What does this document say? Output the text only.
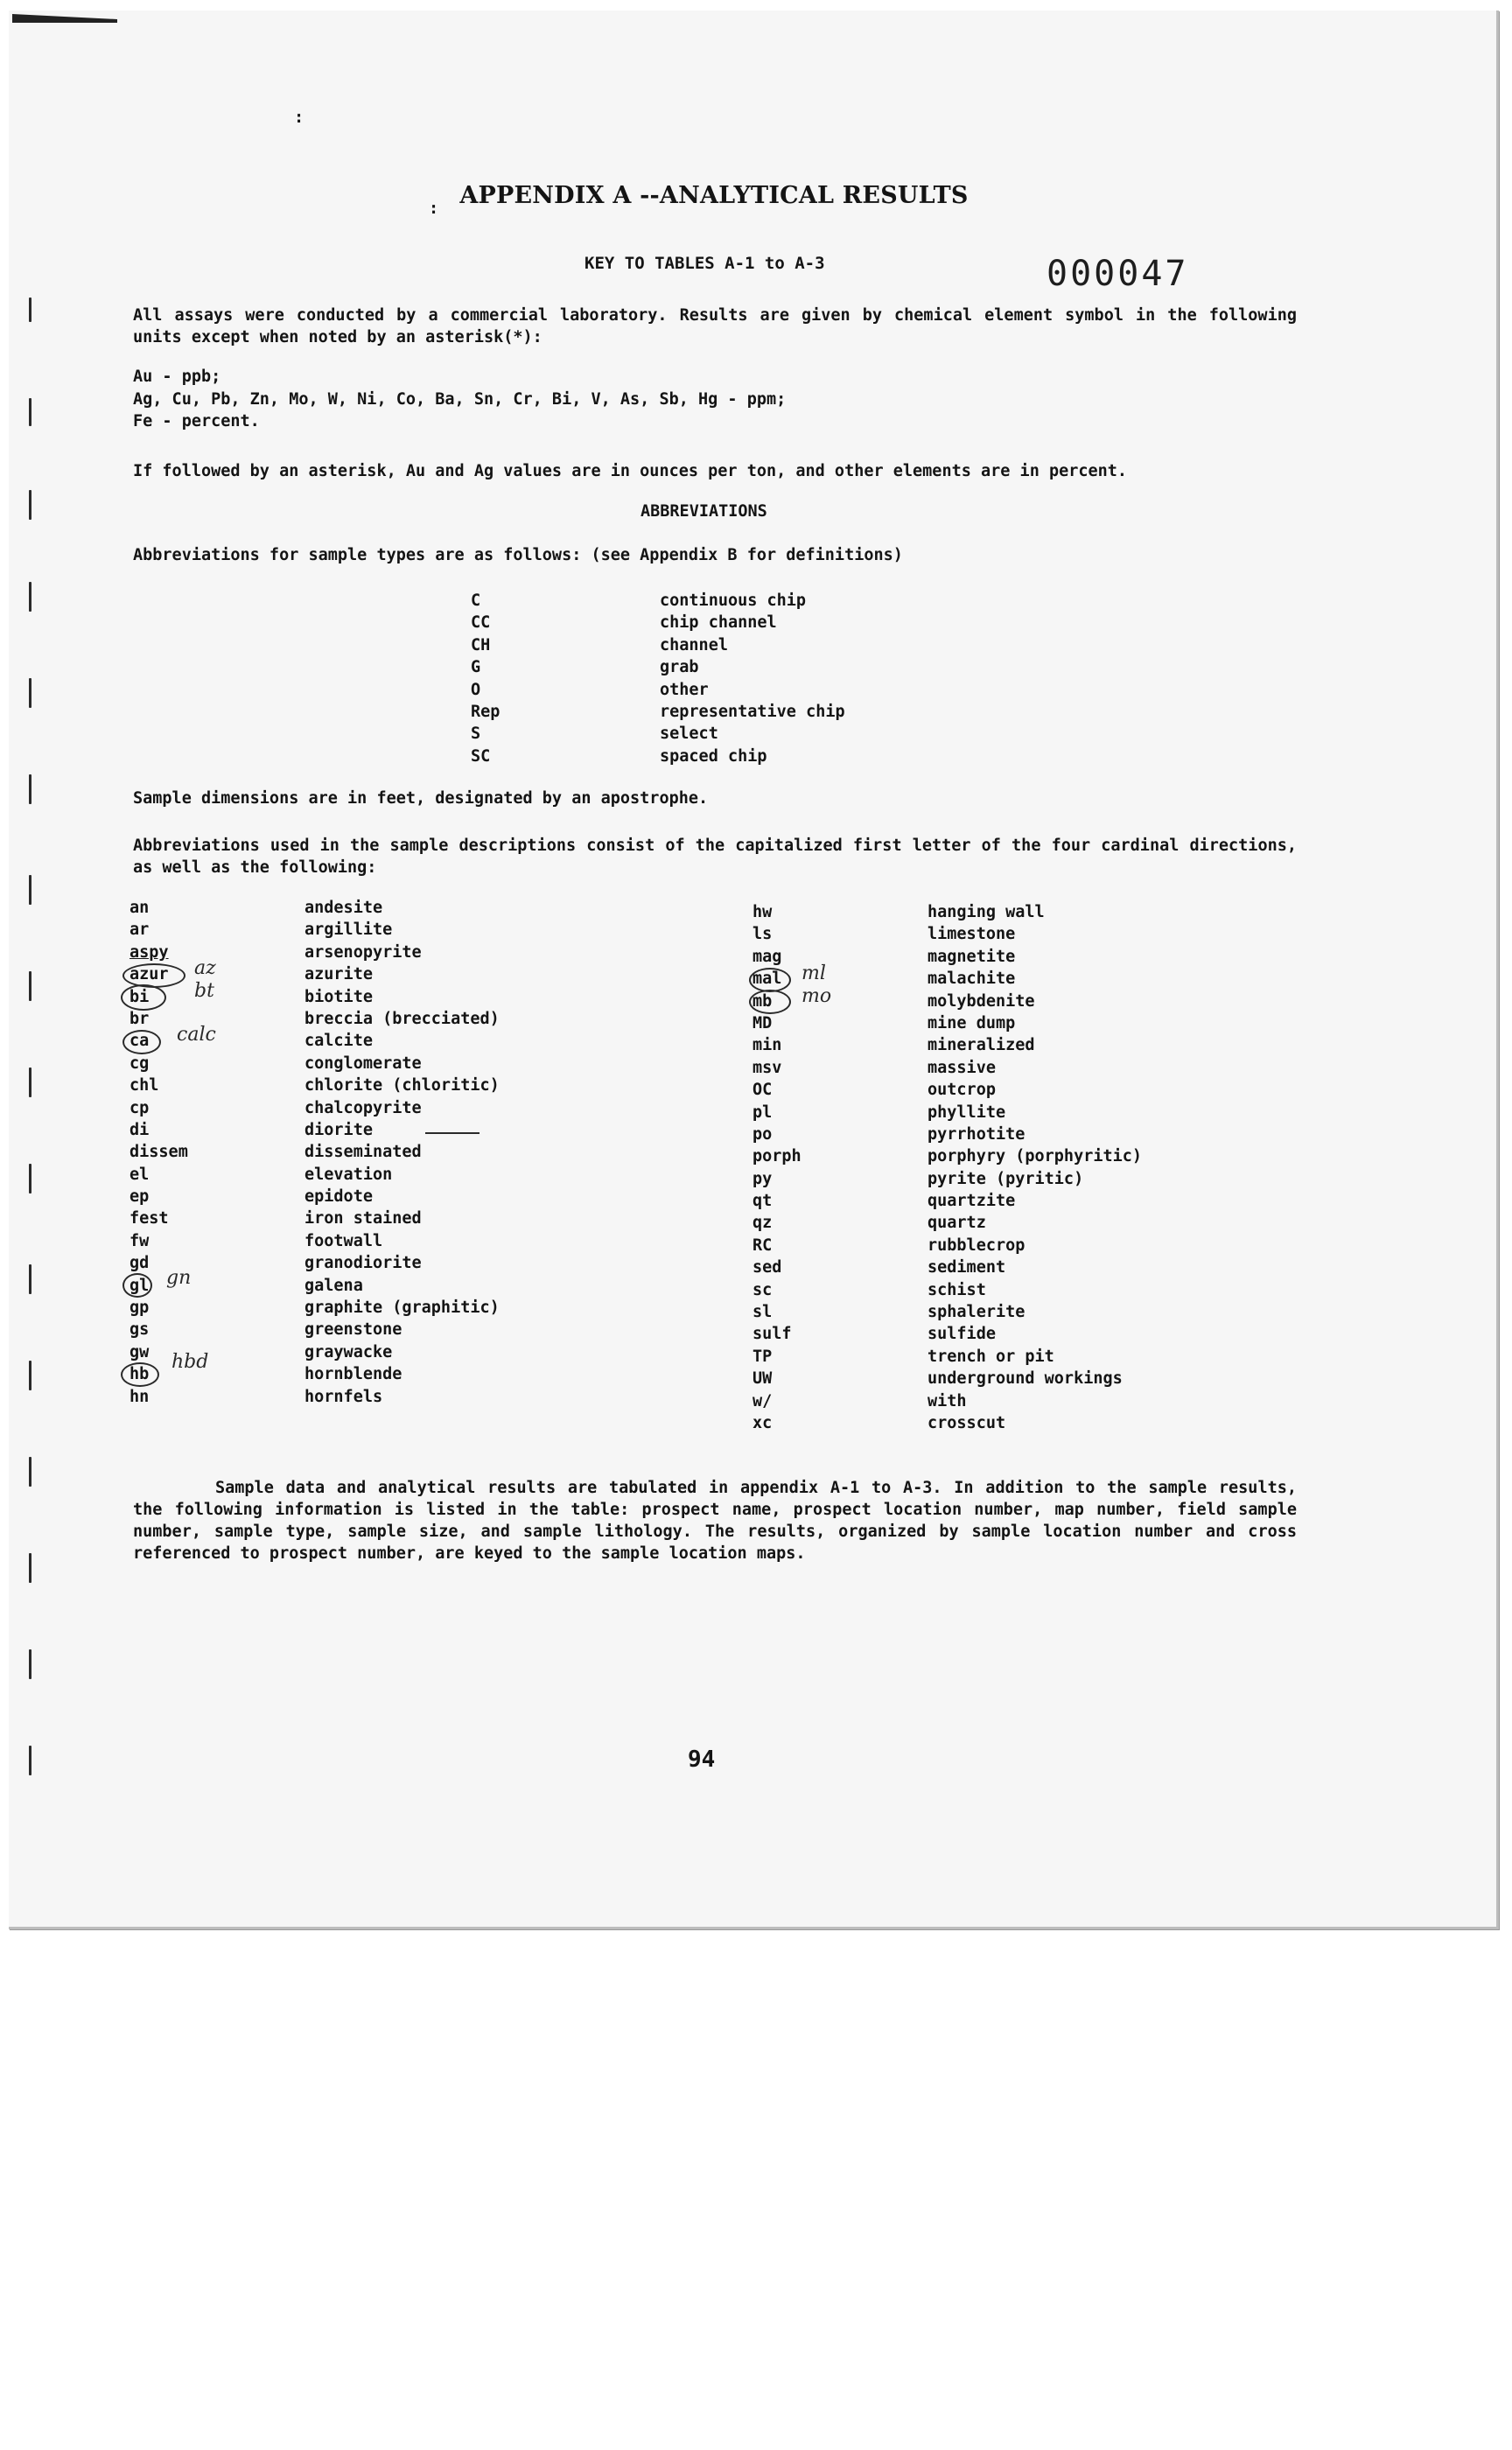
:
: APPENDIX A --ANALYTICAL RESULTS
KEY TO TABLES A-1 to A-3	000047
All assays were conducted by a commercial laboratory. Results are given by chemical element symbol in the following units except when noted by an asterisk(*):
Au - ppb;
Ag, Cu, Pb, Zn, Mo, W, Ni, Co, Ba, Sn, Cr, Bi, V, As, Sb, Hg - ppm;
Fe - percent.
If followed by an asterisk, Au and Ag values are in ounces per ton, and other elements are in percent.
ABBREVIATIONS
Abbreviations for sample types are as follows: (see Appendix B for definitions)
C
CC
CH
G
O
Rep
S
SC
continuous chip
chip channel
channel
grab
other
representative chip
select
spaced chip
Sample dimensions are in feet, designated by an apostrophe.
Abbreviations used in the sample descriptions consist of the capitalized first letter of the four cardinal directions, as well as the following:
an
ar
aspy
azur
bi
br
ca
cg
chl
cp
di
dissem
el
ep
fest
fw
gd
gl
gp
gs
gw
hb
hn
andesite
argillite
arsenopyrite
azurite
biotite
breccia (brecciated)
calcite
conglomerate
chlorite (chloritic)
chalcopyrite
diorite
disseminated
elevation
epidote
iron stained
footwall
granodiorite
galena
graphite (graphitic)
greenstone
graywacke
hornblende
hornfels
hw
ls
mag
mal
mb
MD
min
msv
OC
pl
po
porph
py
qt
qz
RC
sed
sc
sl
sulf
TP
UW
w/
xc
hanging wall
limestone
magnetite
malachite
molybdenite
mine dump
mineralized
massive
outcrop
phyllite
pyrrhotite
porphyry (porphyritic)
pyrite (pyritic)
quartzite
quartz
rubblecrop
sediment
schist
sphalerite
sulfide
trench or pit
underground workings
with
crosscut
az
bt
calc
gn
hbd
ml
mo
Sample data and analytical results are tabulated in appendix A-1 to A-3. In addition to the sample results, the following information is listed in the table: prospect name, prospect location number, map number, field sample number, sample type, sample size, and sample lithology. The results, organized by sample location number and cross referenced to prospect number, are keyed to the sample location maps.
94
